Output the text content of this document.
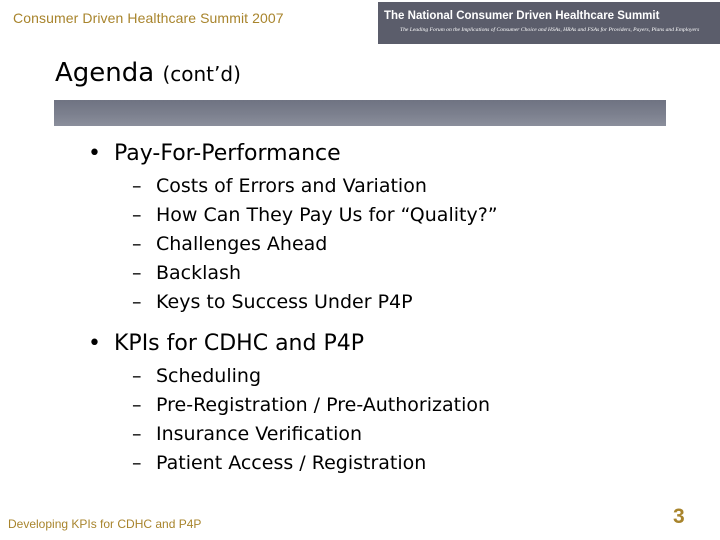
Consumer Driven Healthcare Summit 2007	The National Consumer Driven Healthcare Summit
The Leading Forum on the Implications of Consumer Choice and HSAs, HRAs and FSAs for Providers, Payers, Plans and Employers
Agenda (cont’d)
• Pay-For-Performance
– Costs of Errors and Variation
– How Can They Pay Us for “Quality?”
– Challenges Ahead
– Backlash
– Keys to Success Under P4P
• KPIs for CDHC and P4P
– Scheduling
– Pre-Registration / Pre-Authorization
– Insurance Verification
– Patient Access / Registration
Developing KPIs for CDHC and P4P	3
